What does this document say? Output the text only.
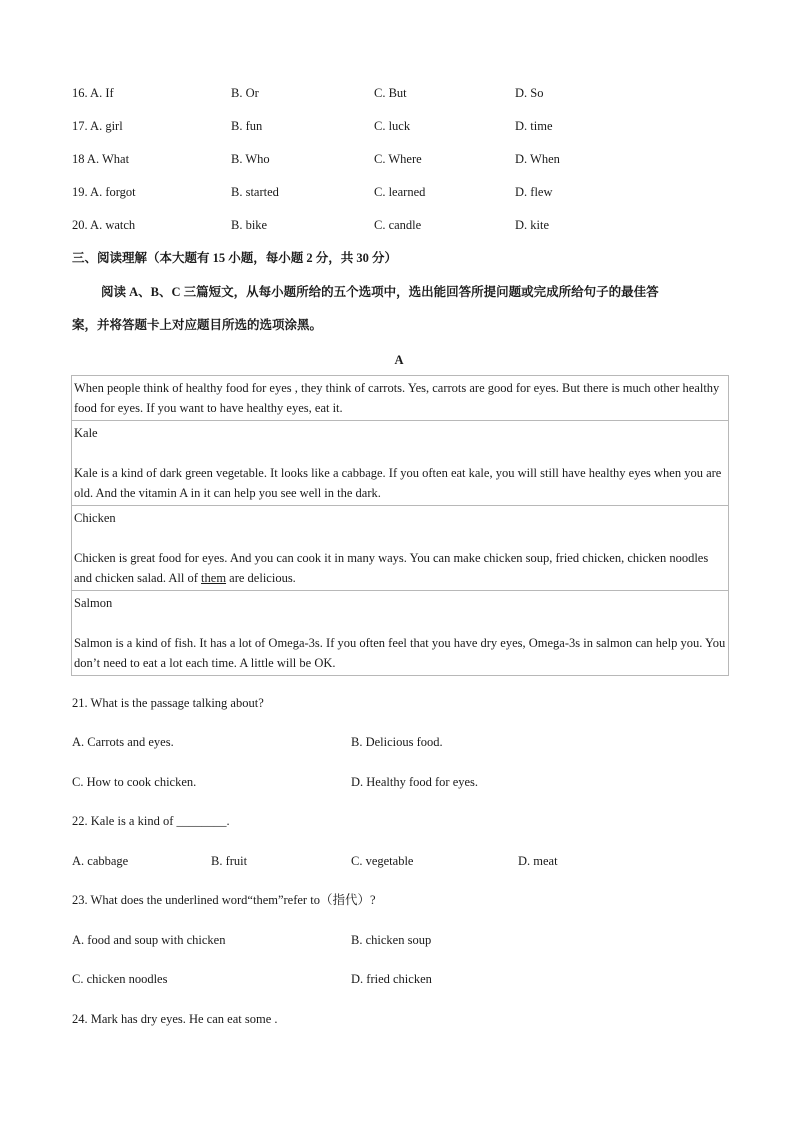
16. A. If	B. Or	C. But	D. So
17. A. girl	B. fun	C. luck	D. time
18 A. What	B. Who	C. Where	D. When
19. A. forgot	B. started	C. learned	D. flew
20. A. watch	B. bike	C. candle	D. kite
三、阅读理解（本大题有 15 小题，每小题 2 分，共 30 分）
阅读 A、B、C 三篇短文，从每小题所给的五个选项中，选出能回答所提问题或完成所给句子的最佳答
案，并将答题卡上对应题目所选的选项涂黑。
A
When people think of healthy food for eyes , they think of carrots. Yes, carrots are good for eyes. But there is much other healthy food for eyes. If you want to have healthy eyes, eat it.

Kale
Kale is a kind of dark green vegetable. It looks like a cabbage. If you often eat kale, you will still have healthy eyes when you are old. And the vitamin A in it can help you see well in the dark.

Chicken
Chicken is great food for eyes. And you can cook it in many ways. You can make chicken soup, fried chicken, chicken noodles and chicken salad. All of them are delicious.

Salmon
Salmon is a kind of fish. It has a lot of Omega-3s. If you often feel that you have dry eyes, Omega-3s in salmon can help you. You don’t need to eat a lot each time. A little will be OK.
21. What is the passage talking about?
A. Carrots and eyes.	B. Delicious food.
C. How to cook chicken.	D. Healthy food for eyes.
22. Kale is a kind of ________.
A. cabbage	B. fruit	C. vegetable	D. meat
23. What does the underlined word“them”refer to（指代）?
A. food and soup with chicken	B. chicken soup
C. chicken noodles	D. fried chicken
24. Mark has dry eyes. He can eat some .
